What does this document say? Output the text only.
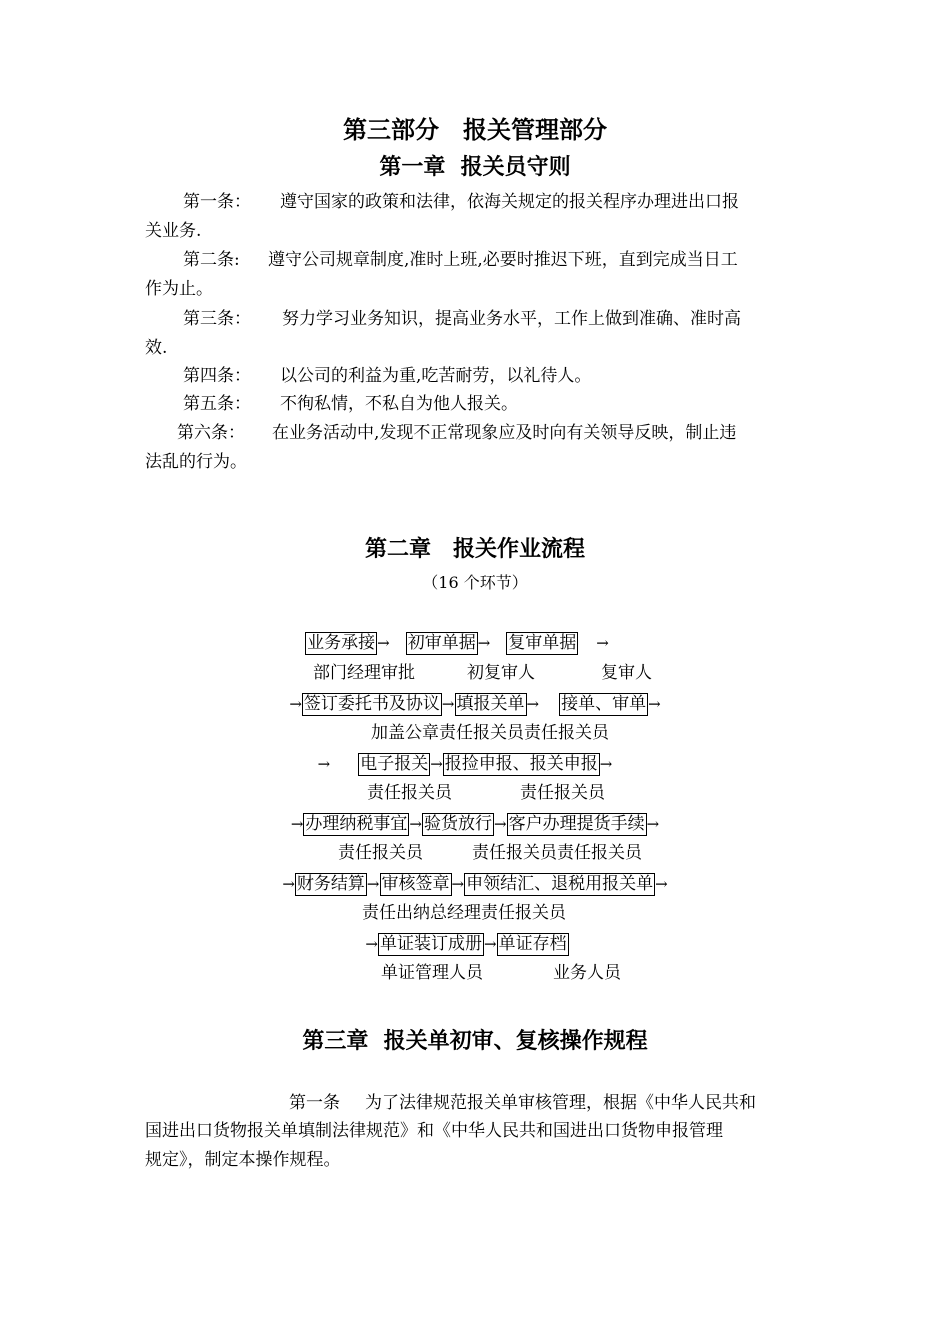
第三部分　报关管理部分
第一章  报关员守则
第一条： 遵守国家的政策和法律，依海关规定的报关程序办理进出口报
关业务.
第二条: 遵守公司规章制度,准时上班,必要时推迟下班，直到完成当日工
作为止。
第三条： 努力学习业务知识，提高业务水平，工作上做到准确、准时高
效.
第四条： 以公司的利益为重,吃苦耐劳，以礼待人。
第五条： 不徇私情，不私自为他人报关。
第六条： 在业务活动中,发现不正常现象应及时向有关领导反映，制止违
法乱的行为。
第二章　报关作业流程
（16 个环节）
业务承接 → 初审单据 → 复审单据 →
部门经理审批	初复审人	复审人
→ 签订委托书及协议 → 填报关单 → 接单、审单 →
加盖公章责任报关员责任报关员
→ 电子报关 → 报捡申报、报关申报 →
责任报关员	责任报关员
→ 办理纳税事宜 → 验货放行 → 客户办理提货手续 →
责任报关员	责任报关员责任报关员
→ 财务结算 → 审核签章 → 申领结汇、退税用报关单 →
责任出纳总经理责任报关员
→ 单证装订成册 → 单证存档
单证管理人员	业务人员
第三章  报关单初审、复核操作规程
第一条 为了法律规范报关单审核管理，根据《中华人民共和
国进出口货物报关单填制法律规范》和《中华人民共和国进出口货物申报管理
规定》，制定本操作规程。
